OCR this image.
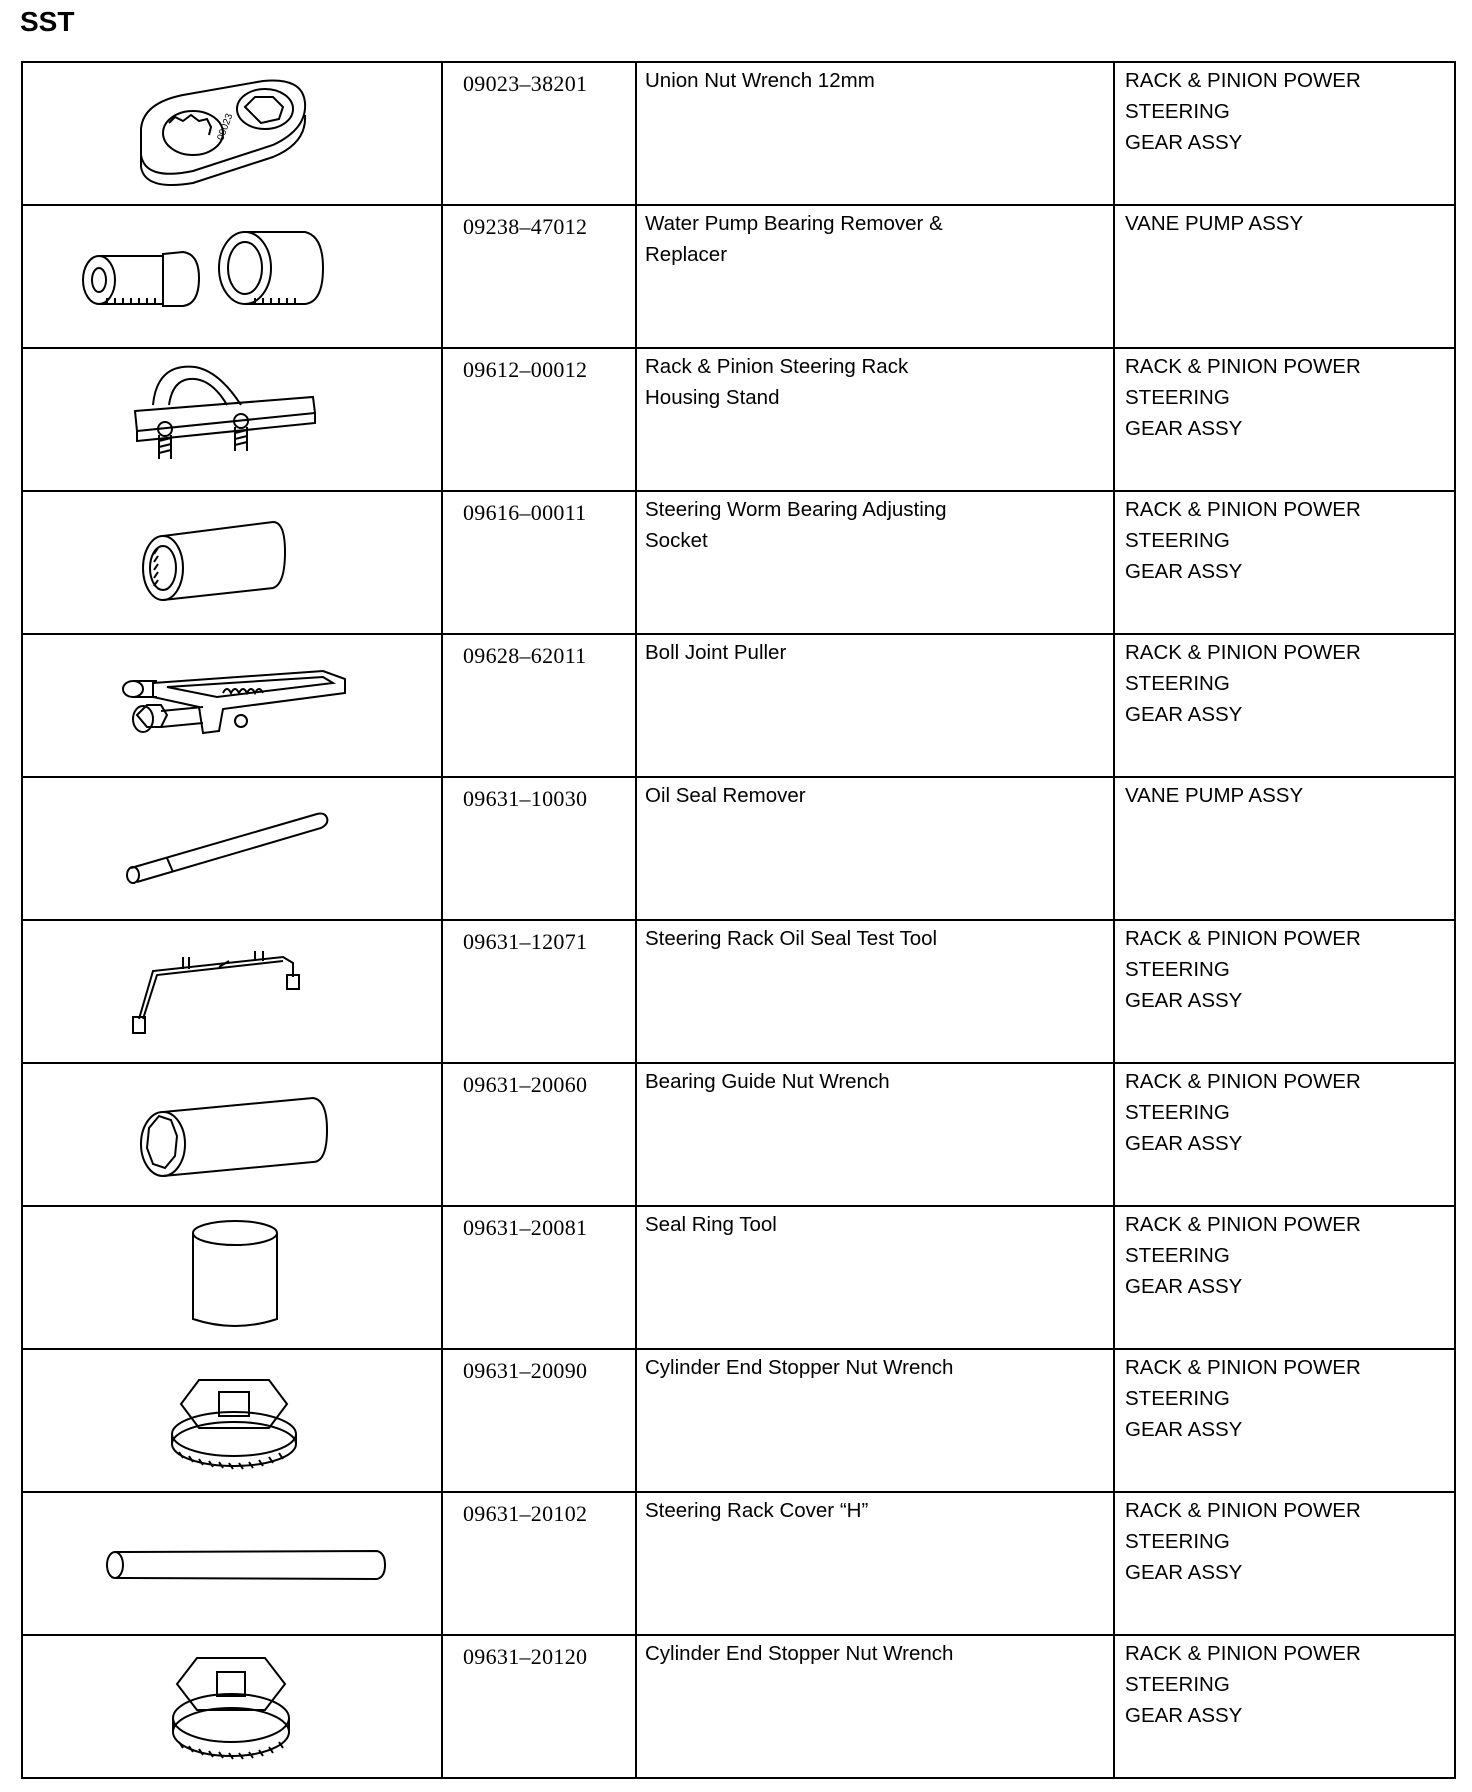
SST
09023	09023–38201	Union Nut Wrench 12mm	RACK & PINION POWER STEERING
GEAR ASSY

	09238–47012	Water Pump Bearing Remover &
Replacer	VANE PUMP ASSY

	09612–00012	Rack & Pinion Steering Rack
Housing Stand	RACK & PINION POWER STEERING
GEAR ASSY

	09616–00011	Steering Worm Bearing Adjusting
Socket	RACK & PINION POWER STEERING
GEAR ASSY

	09628–62011	Boll Joint Puller	RACK & PINION POWER STEERING
GEAR ASSY

	09631–10030	Oil Seal Remover	VANE PUMP ASSY

	09631–12071	Steering Rack Oil Seal Test Tool	RACK & PINION POWER STEERING
GEAR ASSY

	09631–20060	Bearing Guide Nut Wrench	RACK & PINION POWER STEERING
GEAR ASSY

	09631–20081	Seal Ring Tool	RACK & PINION POWER STEERING
GEAR ASSY

	09631–20090	Cylinder End Stopper Nut Wrench	RACK & PINION POWER STEERING
GEAR ASSY

	09631–20102	Steering Rack Cover “H”	RACK & PINION POWER STEERING
GEAR ASSY

	09631–20120	Cylinder End Stopper Nut Wrench	RACK & PINION POWER STEERING
GEAR ASSY
